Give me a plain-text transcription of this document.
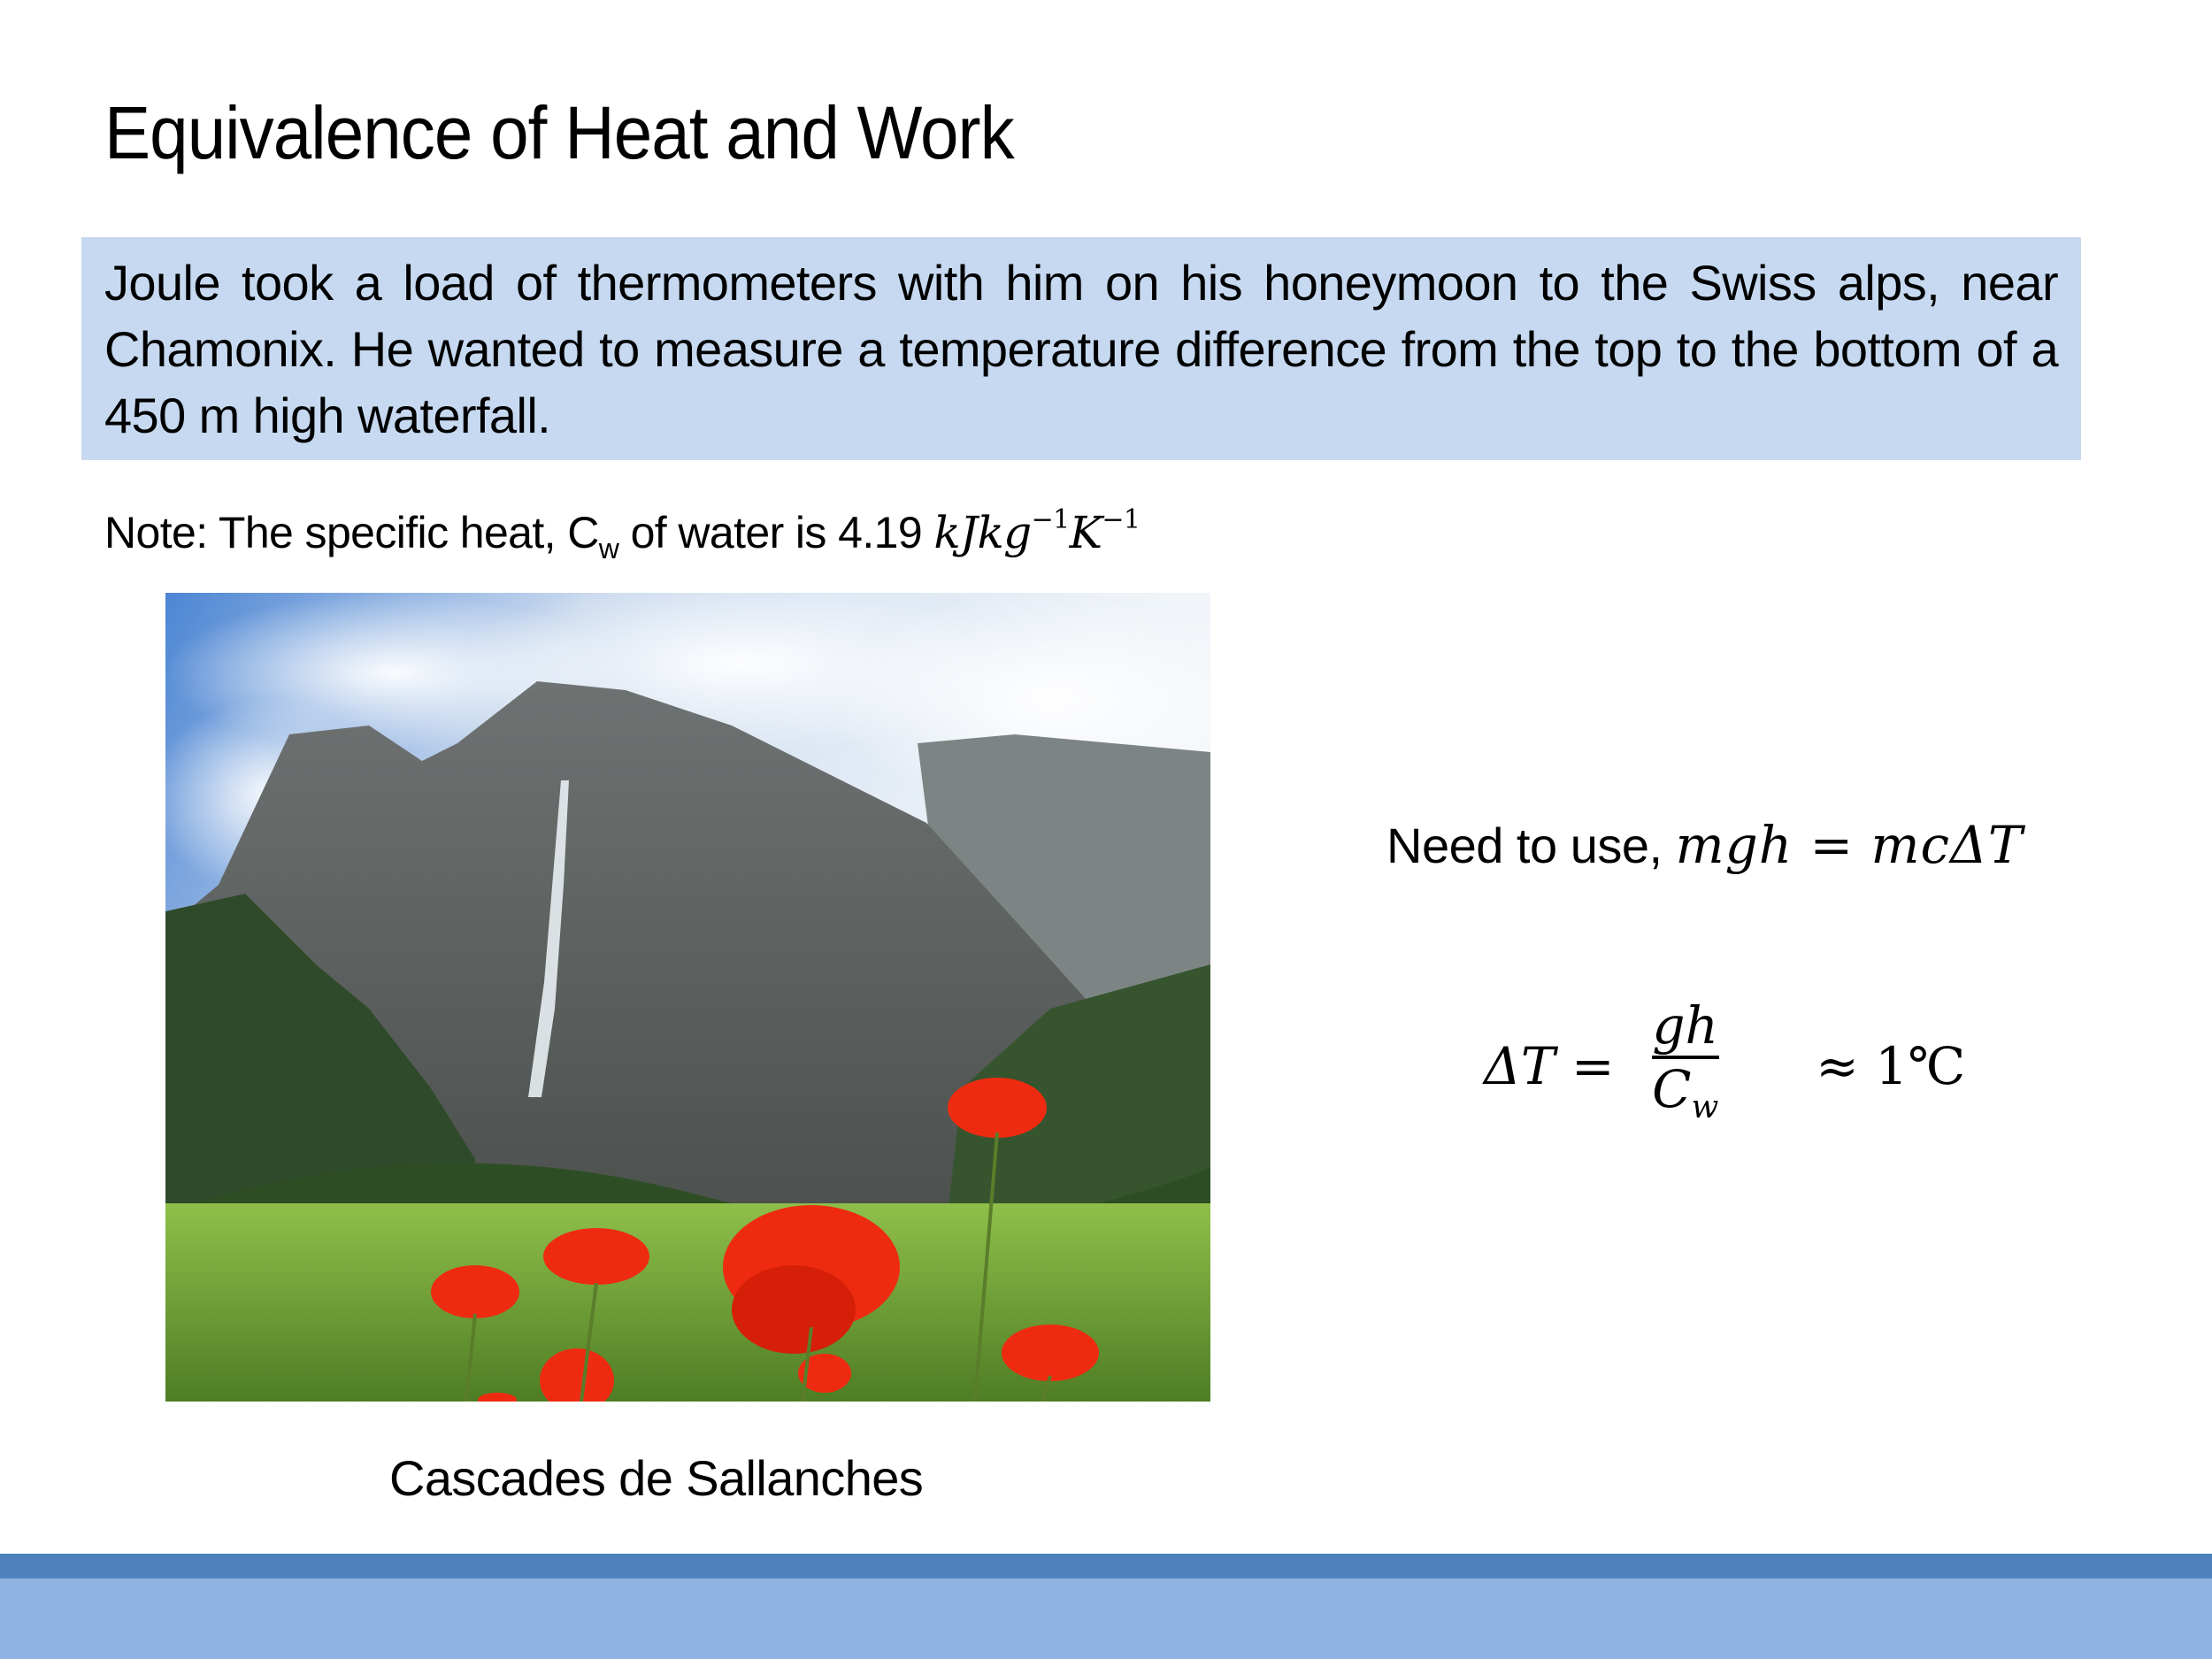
Equivalence of Heat and Work
Joule took a load of thermometers with him on his honeymoon to the Swiss alps, near Chamonix. He wanted to measure a temperature difference from the top to the bottom of a 450 m high waterfall.
Note: The specific heat, $C_w$ of water is 4.19 $kJkg^{-1}K^{-1}$
Cascades de Sallanches
Need to use, mgh = mcΔT
$\Delta T = \frac{gh}{C_w}$ ≈ 1℃
